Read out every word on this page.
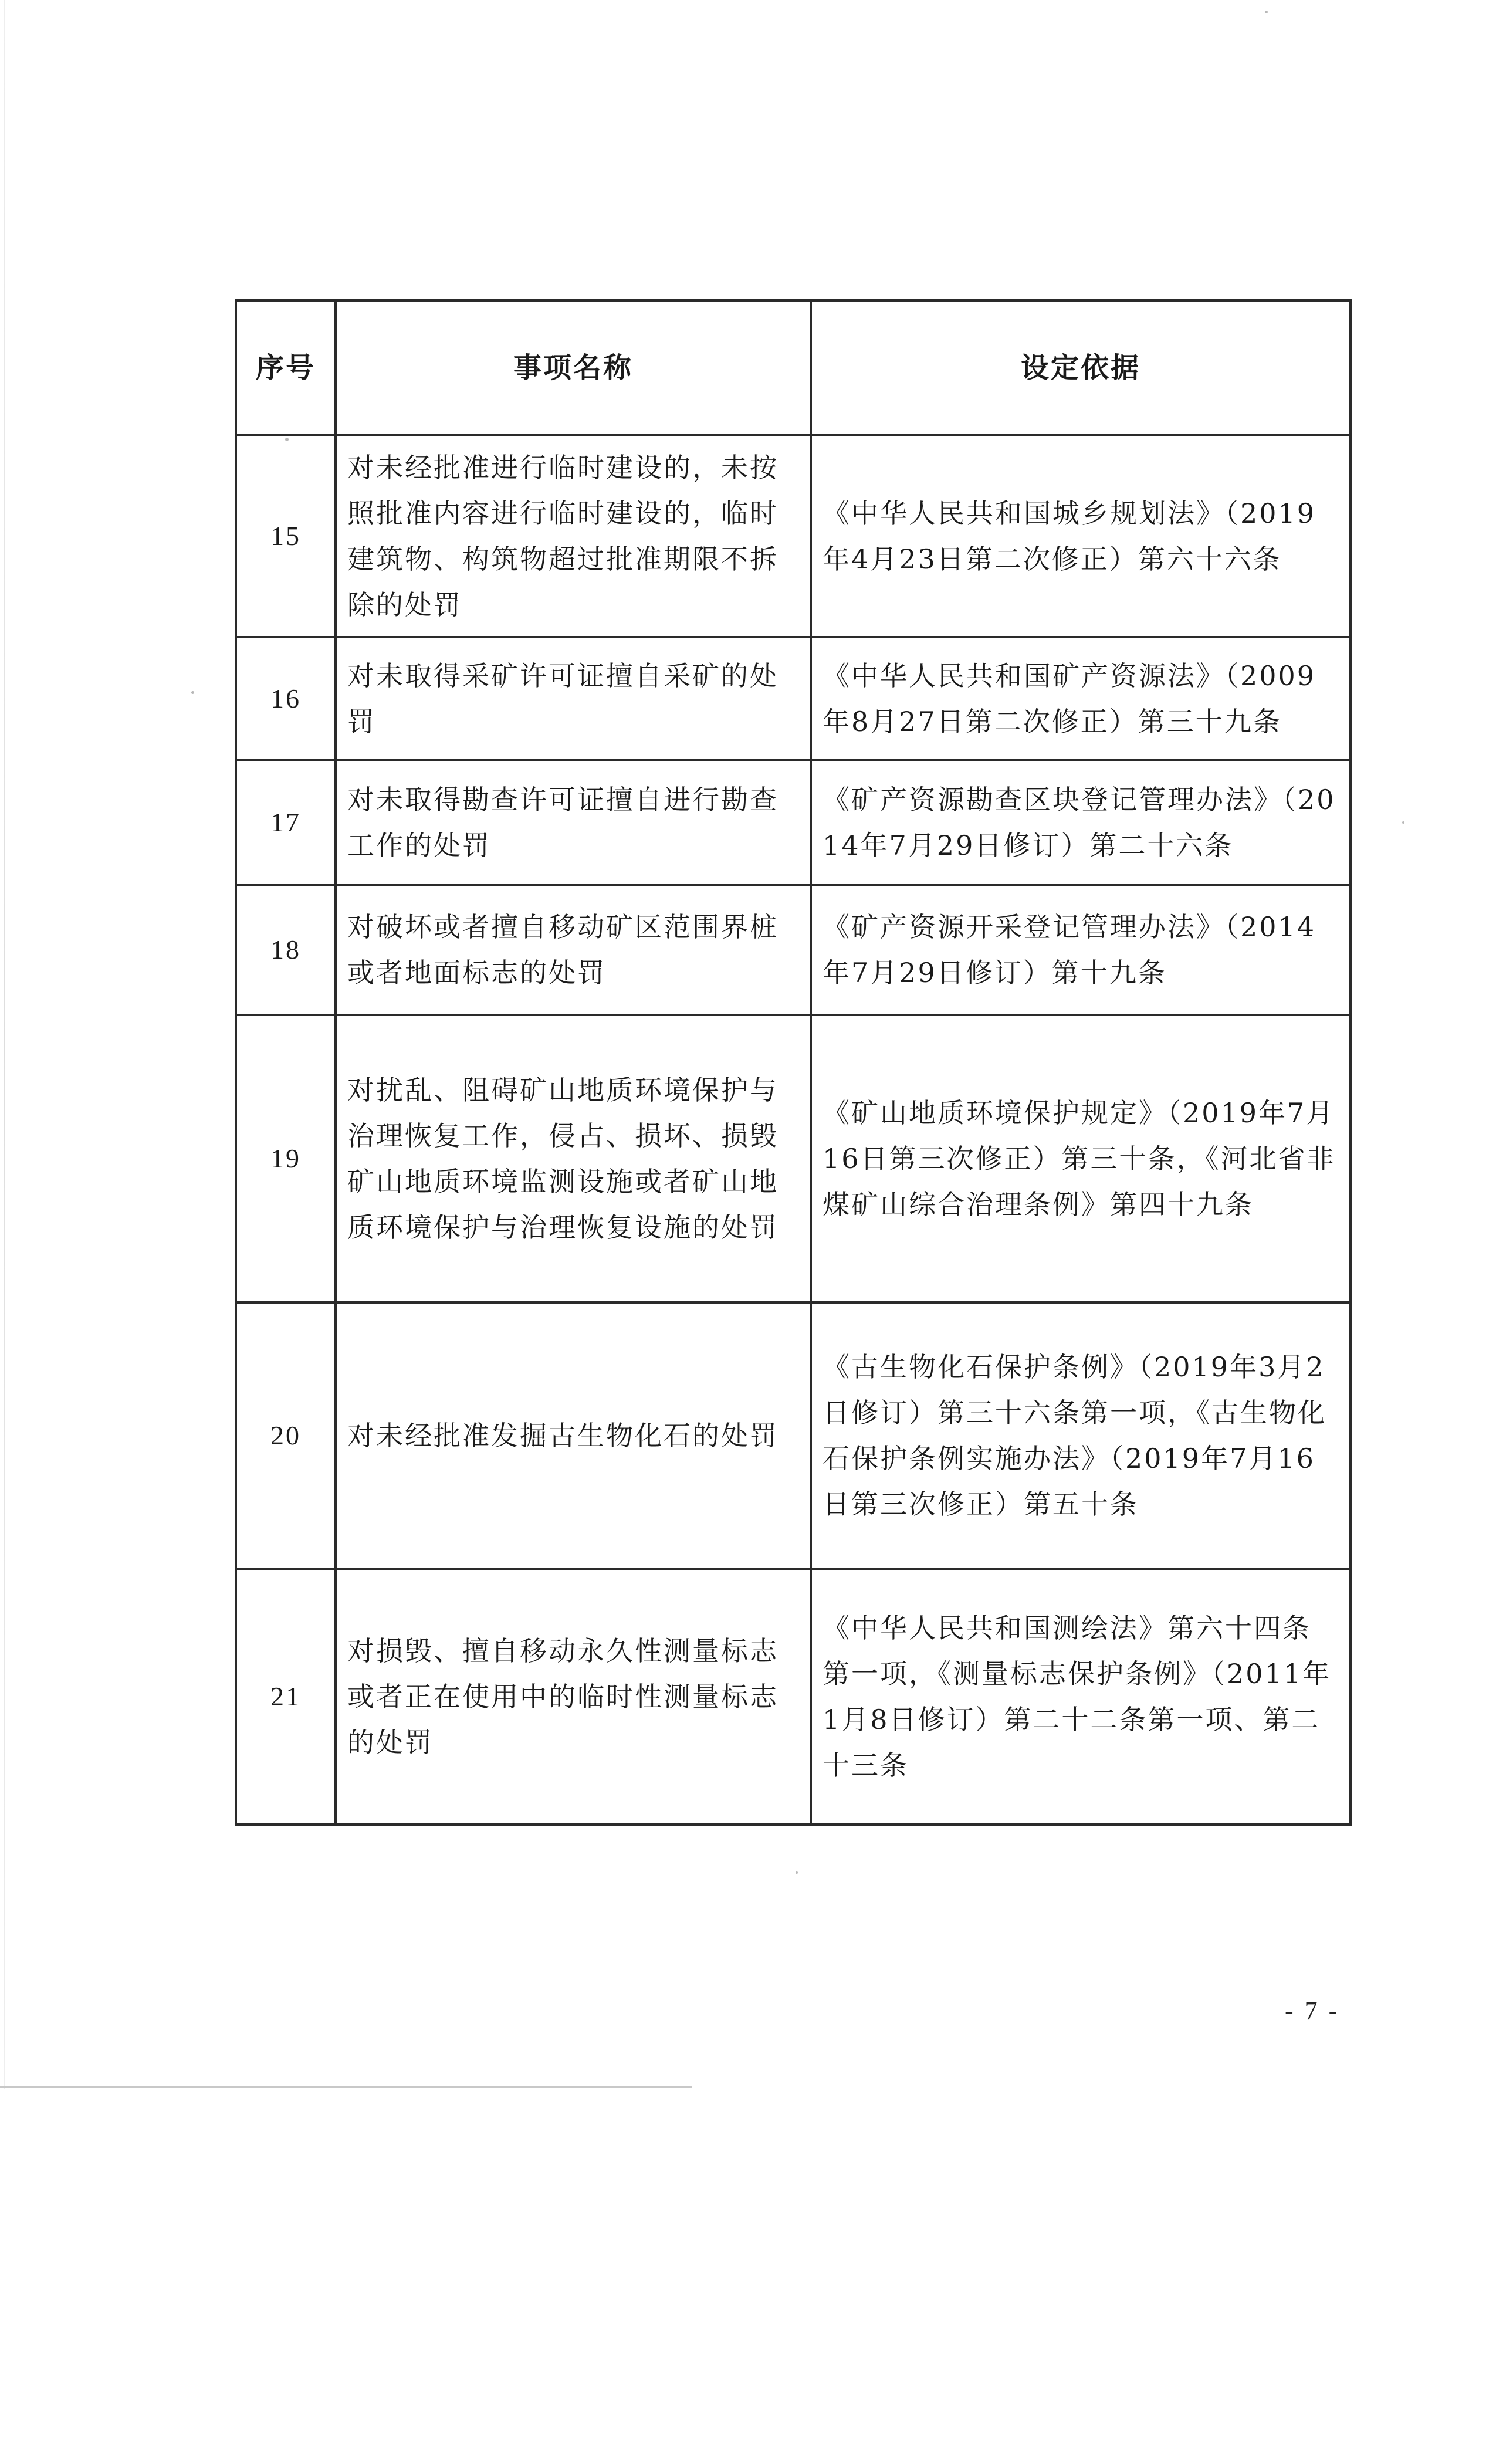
序号	事项名称	设定依据
15	对未经批准进行临时建设的，未按照批准内容进行临时建设的，临时建筑物、构筑物超过批准期限不拆除的处罚	《中华人民共和国城乡规划法》（2019年4月23日第二次修正）第六十六条
16	对未取得采矿许可证擅自采矿的处罚	《中华人民共和国矿产资源法》（2009年8月27日第二次修正）第三十九条
17	对未取得勘查许可证擅自进行勘查工作的处罚	《矿产资源勘查区块登记管理办法》（2014年7月29日修订）第二十六条
18	对破坏或者擅自移动矿区范围界桩或者地面标志的处罚	《矿产资源开采登记管理办法》（2014年7月29日修订）第十九条
19	对扰乱、阻碍矿山地质环境保护与治理恢复工作，侵占、损坏、损毁矿山地质环境监测设施或者矿山地质环境保护与治理恢复设施的处罚	《矿山地质环境保护规定》（2019年7月16日第三次修正）第三十条，《河北省非煤矿山综合治理条例》第四十九条
20	对未经批准发掘古生物化石的处罚	《古生物化石保护条例》（2019年3月2日修订）第三十六条第一项，《古生物化石保护条例实施办法》（2019年7月16日第三次修正）第五十条
21	对损毁、擅自移动永久性测量标志或者正在使用中的临时性测量标志的处罚	《中华人民共和国测绘法》第六十四条第一项，《测量标志保护条例》（2011年1月8日修订）第二十二条第一项、第二十三条
- 7 -
